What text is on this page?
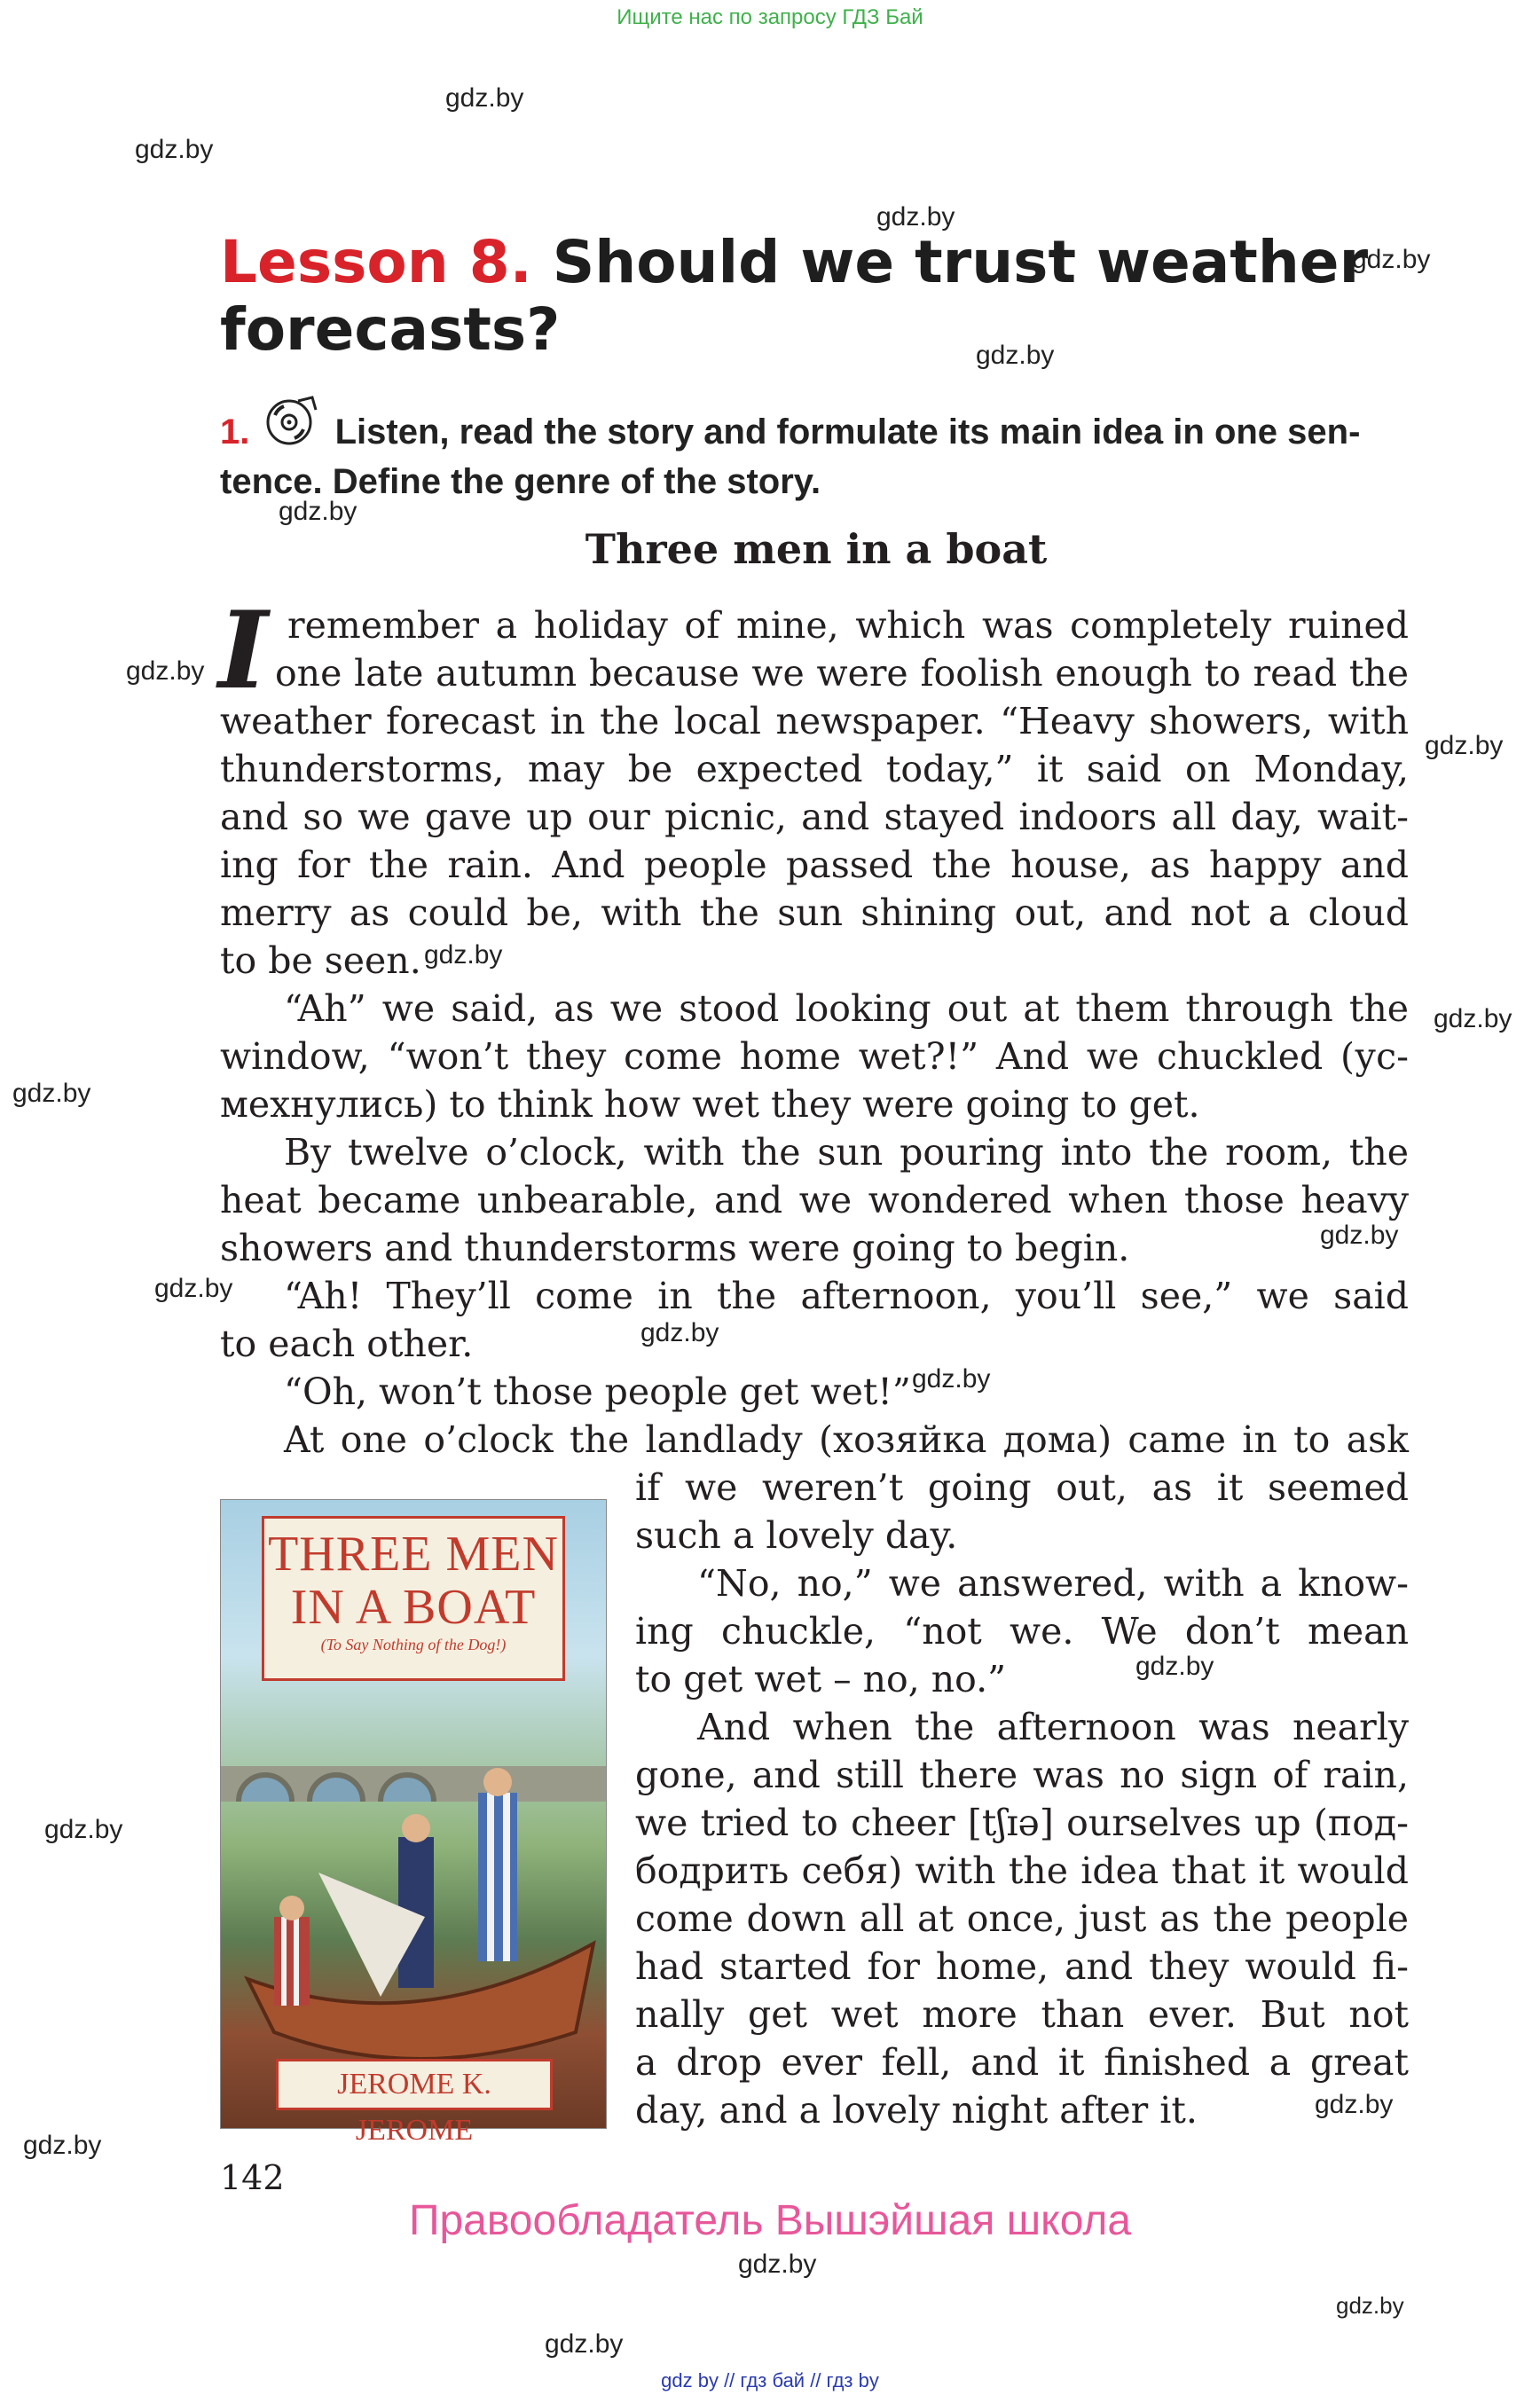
Ищите нас по запросу ГДЗ Бай
gdz.by
gdz.by
gdz.by
gdz.by
gdz.by
gdz.by
gdz.by
gdz.by
gdz.by
gdz.by
gdz.by
gdz.by
gdz.by
gdz.by
gdz.by
gdz.by
gdz.by
gdz.by
gdz.by
gdz.by
gdz.by
gdz.by
Lesson 8. Should we trust weather
forecasts?
1. Listen, read the story and formulate its main idea in one sen-
tence. Define the genre of the story.
Three men in a boat
I remember a holiday of mine, which was completely ruined
one late autumn because we were foolish enough to read the
weather forecast in the local newspaper. “Heavy showers, with
thunderstorms, may be expected today,” it said on Monday,
and so we gave up our picnic, and stayed indoors all day, wait-
ing for the rain. And people passed the house, as happy and
merry as could be, with the sun shining out, and not a cloud
to be seen.
“Ah” we said, as we stood looking out at them through the
window, “won’t they come home wet?!” And we chuckled (ус-
мехнулись) to think how wet they were going to get.
By twelve o’clock, with the sun pouring into the room, the
heat became unbearable, and we wondered when those heavy
showers and thunderstorms were going to begin.
“Ah! They’ll come in the afternoon, you’ll see,” we said
to each other.
“Oh, won’t those people get wet!”
At one o’clock the landlady (хозяйка дома) came in to ask
if we weren’t going out, as it seemed
such a lovely day.
“No, no,” we answered, with a know-
ing chuckle, “not we. We don’t mean
to get wet – no, no.”
And when the afternoon was nearly
gone, and still there was no sign of rain,
we tried to cheer [tʃɪə] ourselves up (под-
бодрить себя) with the idea that it would
come down all at once, just as the people
had started for home, and they would fi-
nally get wet more than ever. But not
a drop ever fell, and it finished a great
day, and a lovely night after it.
THREE MEN IN A BOAT
(To Say Nothing of the Dog!)
JEROME K. JEROME
142
Правообладатель Вышэйшая школа
gdz by // гдз бай // гдз by
